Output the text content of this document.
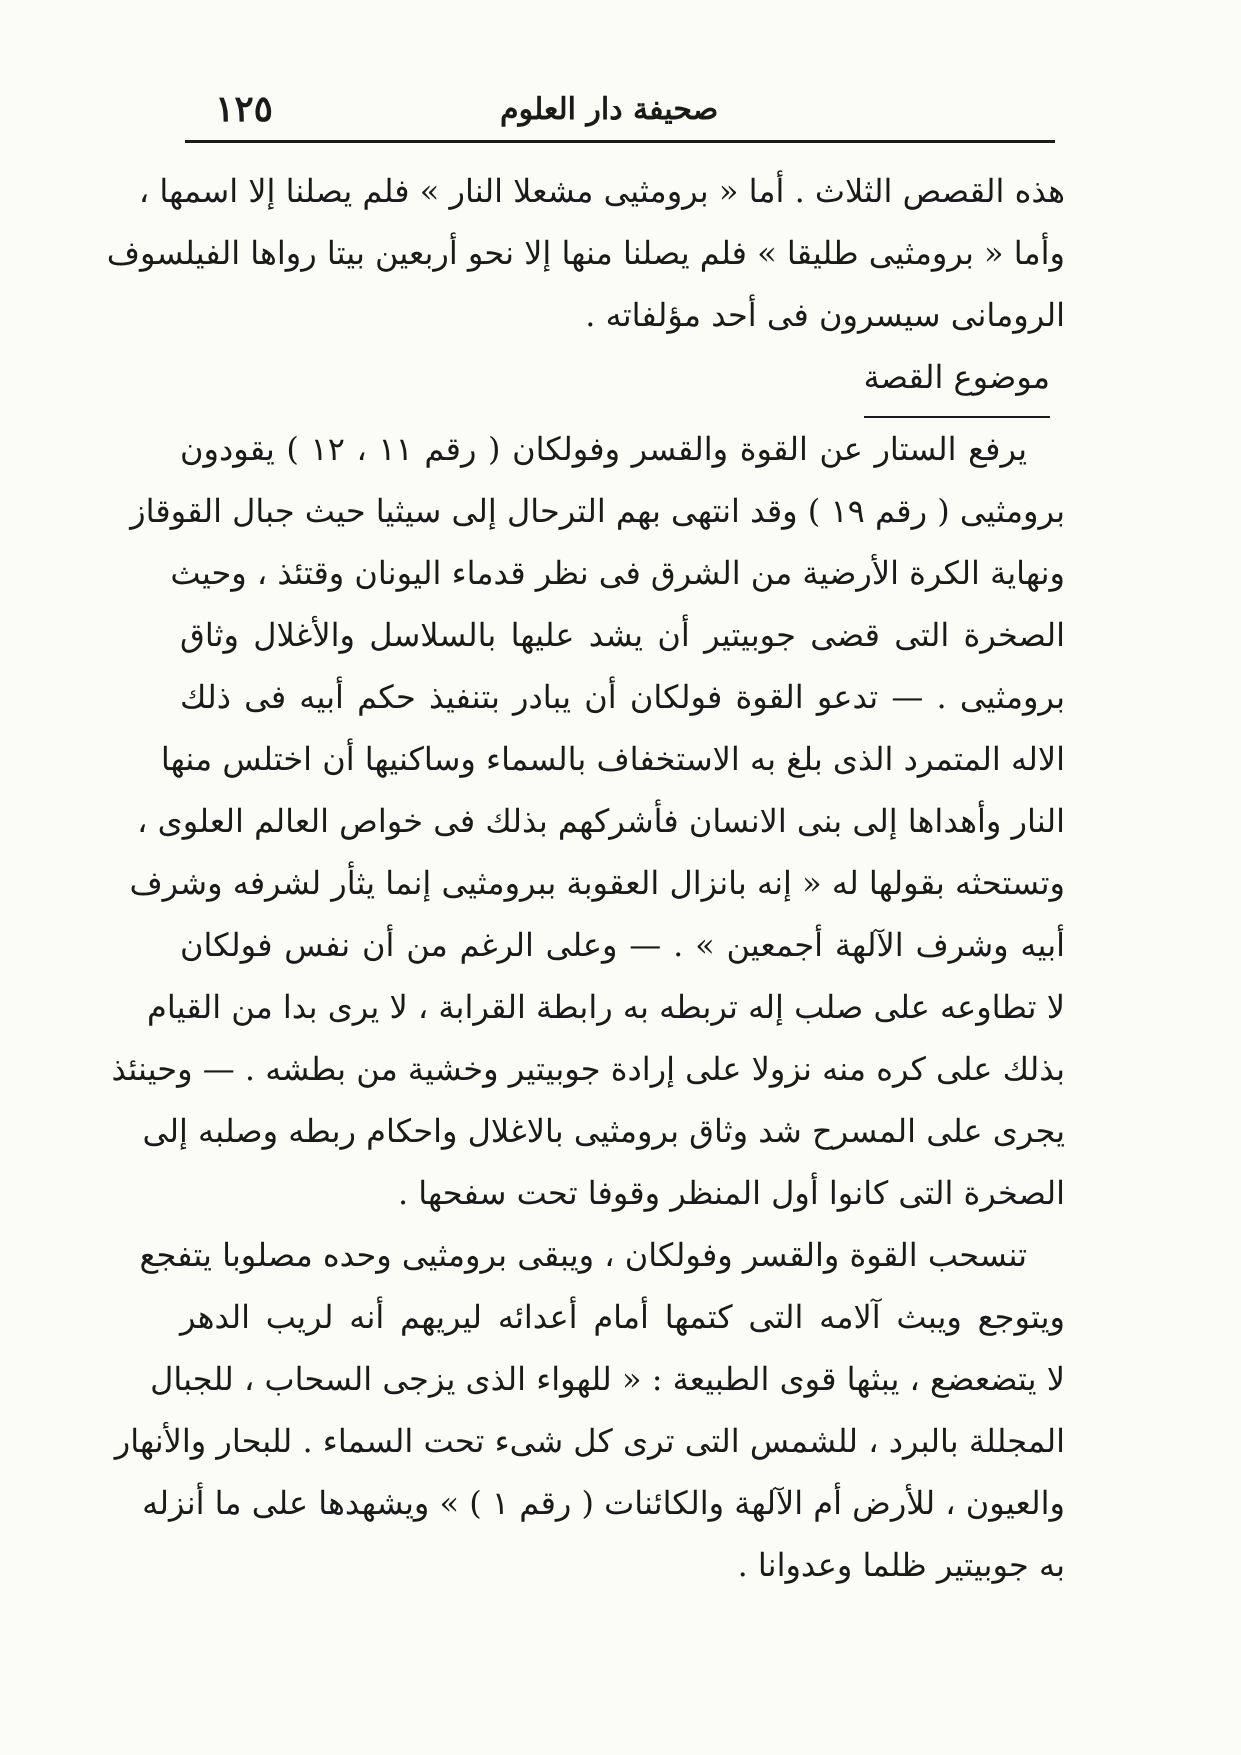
١٢٥	صحيفة دار العلوم
هذه القصص الثلاث . أما « برومثيى مشعلا النار » فلم يصلنا إلا اسمها ،
وأما « برومثيى طليقا » فلم يصلنا منها إلا نحو أربعين بيتا رواها الفيلسوف
الرومانى سيسرون فى أحد مؤلفاته .
موضوع القصة
يرفع الستار عن القوة والقسر وفولكان ( رقم ١١ ، ١٢ ) يقودون
برومثيى ( رقم ١٩ ) وقد انتهى بهم الترحال إلى سيثيا حيث جبال القوقاز
ونهاية الكرة الأرضية من الشرق فى نظر قدماء اليونان وقتئذ ، وحيث
الصخرة التى قضى جوبيتير أن يشد عليها بالسلاسل والأغلال وثاق
برومثيى . — تدعو القوة فولكان أن يبادر بتنفيذ حكم أبيه فى ذلك
الاله المتمرد الذى بلغ به الاستخفاف بالسماء وساكنيها أن اختلس منها
النار وأهداها إلى بنى الانسان فأشركهم بذلك فى خواص العالم العلوى ،
وتستحثه بقولها له « إنه بانزال العقوبة ببرومثيى إنما يثأر لشرفه وشرف
أبيه وشرف الآلهة أجمعين » . — وعلى الرغم من أن نفس فولكان
لا تطاوعه على صلب إله تربطه به رابطة القرابة ، لا يرى بدا من القيام
بذلك على كره منه نزولا على إرادة جوبيتير وخشية من بطشه . — وحينئذ
يجرى على المسرح شد وثاق برومثيى بالاغلال واحكام ربطه وصلبه إلى
الصخرة التى كانوا أول المنظر وقوفا تحت سفحها .
تنسحب القوة والقسر وفولكان ، ويبقى برومثيى وحده مصلوبا يتفجع
ويتوجع ويبث آلامه التى كتمها أمام أعدائه ليريهم أنه لريب الدهر
لا يتضعضع ، يبثها قوى الطبيعة : « للهواء الذى يزجى السحاب ، للجبال
المجللة بالبرد ، للشمس التى ترى كل شىء تحت السماء . للبحار والأنهار
والعيون ، للأرض أم الآلهة والكائنات ( رقم ١ ) » ويشهدها على ما أنزله
به جوبيتير ظلما وعدوانا .
